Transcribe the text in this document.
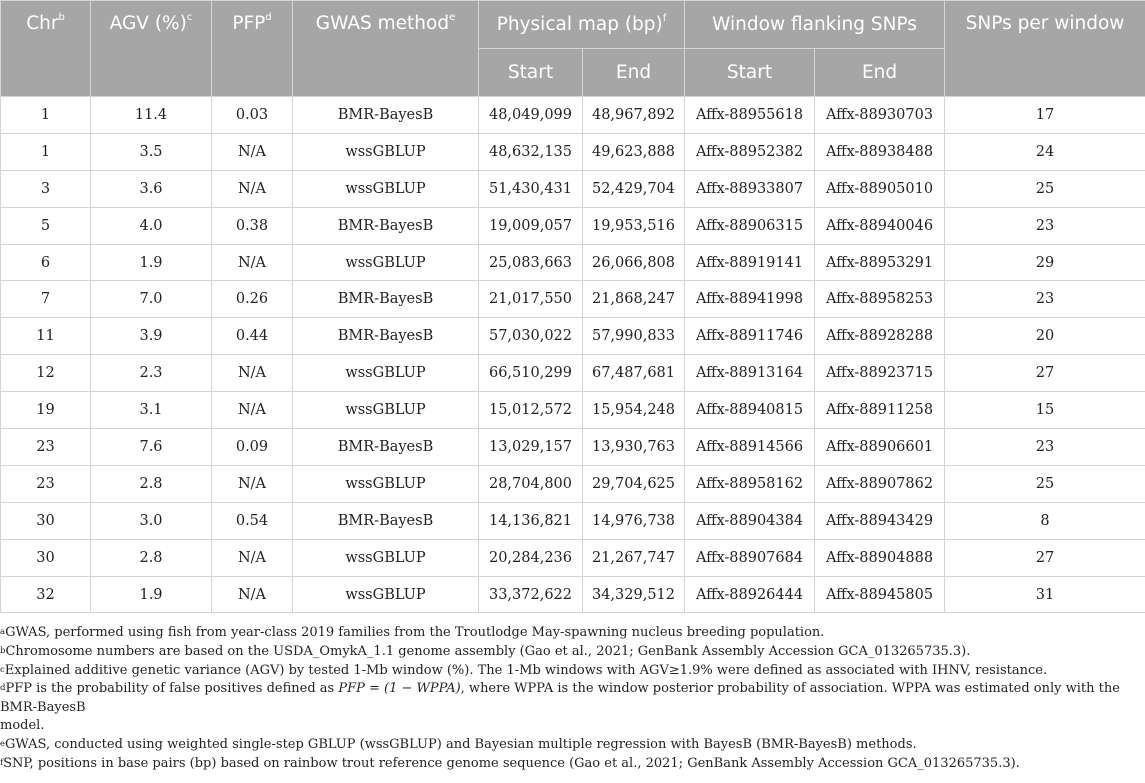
Chr$^b$	AGV (%)$^c$	PFP$^d$	GWAS method$^e$	Physical map (bp)$^f$		Window flanking SNPs		SNPs per window
				Start	End	Start	End	
1	11.4	0.03	BMR-BayesB	48,049,099	48,967,892	Affx-88955618	Affx-88930703	17
1	3.5	N/A	wssGBLUP	48,632,135	49,623,888	Affx-88952382	Affx-88938488	24
3	3.6	N/A	wssGBLUP	51,430,431	52,429,704	Affx-88933807	Affx-88905010	25
5	4.0	0.38	BMR-BayesB	19,009,057	19,953,516	Affx-88906315	Affx-88940046	23
6	1.9	N/A	wssGBLUP	25,083,663	26,066,808	Affx-88919141	Affx-88953291	29
7	7.0	0.26	BMR-BayesB	21,017,550	21,868,247	Affx-88941998	Affx-88958253	23
11	3.9	0.44	BMR-BayesB	57,030,022	57,990,833	Affx-88911746	Affx-88928288	20
12	2.3	N/A	wssGBLUP	66,510,299	67,487,681	Affx-88913164	Affx-88923715	27
19	3.1	N/A	wssGBLUP	15,012,572	15,954,248	Affx-88940815	Affx-88911258	15
23	7.6	0.09	BMR-BayesB	13,029,157	13,930,763	Affx-88914566	Affx-88906601	23
23	2.8	N/A	wssGBLUP	28,704,800	29,704,625	Affx-88958162	Affx-88907862	25
30	3.0	0.54	BMR-BayesB	14,136,821	14,976,738	Affx-88904384	Affx-88943429	8
30	2.8	N/A	wssGBLUP	20,284,236	21,267,747	Affx-88907684	Affx-88904888	27
32	1.9	N/A	wssGBLUP	33,372,622	34,329,512	Affx-88926444	Affx-88945805	31

$^a$GWAS, performed using fish from year-class 2019 families from the Troutlodge May-spawning nucleus breeding population.

$^b$Chromosome numbers are based on the USDA_OmykA_1.1 genome assembly (Gao et al., 2021; GenBank Assembly Accession GCA_013265735.3).

$^c$Explained additive genetic variance (AGV) by tested 1-Mb window (%). The 1-Mb windows with AGV≥1.9% were defined as associated with IHNV, resistance.

$^d$PFP is the probability of false positives defined as PFP = (1 − WPPA), where WPPA is the window posterior probability of association. WPPA was estimated only with the BMR-BayesB

model.

$^e$GWAS, conducted using weighted single-step GBLUP (wssGBLUP) and Bayesian multiple regression with BayesB (BMR-BayesB) methods.

$^f$SNP, positions in base pairs (bp) based on rainbow trout reference genome sequence (Gao et al., 2021; GenBank Assembly Accession GCA_013265735.3).
